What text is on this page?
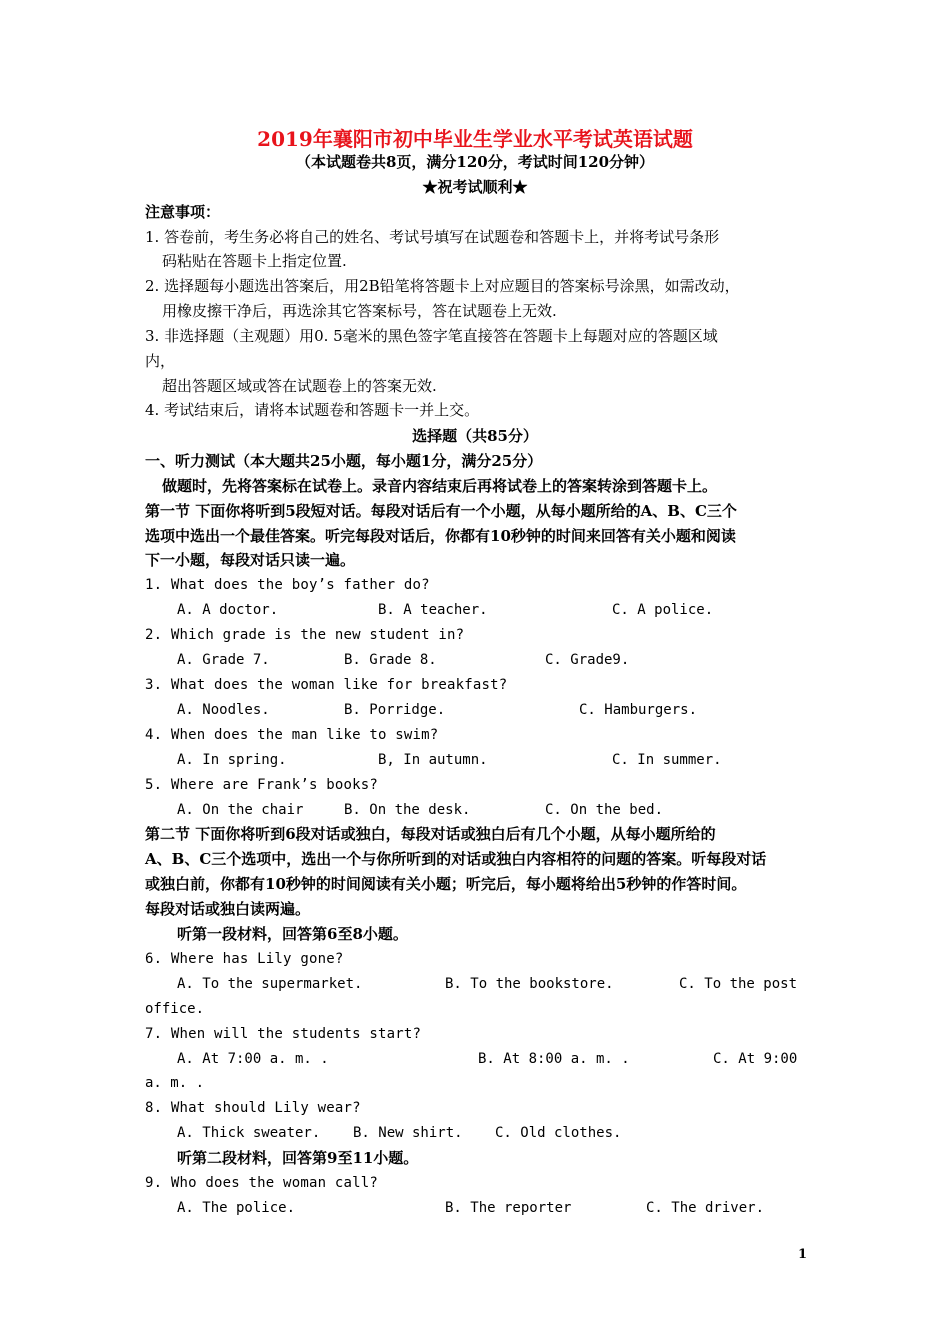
2019年襄阳市初中毕业生学业水平考试英语试题
（本试题卷共8页，满分120分，考试时间120分钟）
★祝考试顺利★
注意事项：
1. 答卷前，考生务必将自己的姓名、考试号填写在试题卷和答题卡上，并将考试号条形
码粘贴在答题卡上指定位置.
2. 选择题每小题选出答案后，用2B铅笔将答题卡上对应题目的答案标号涂黑，如需改动，
用橡皮擦干净后，再选涂其它答案标号，答在试题卷上无效.
3. 非选择题（主观题）用0. 5毫米的黑色签字笔直接答在答题卡上每题对应的答题区域
内，
超出答题区域或答在试题卷上的答案无效.
4. 考试结束后，请将本试题卷和答题卡一并上交。
选择题（共85分）
一、听力测试（本大题共25小题，每小题1分，满分25分）
做题时，先将答案标在试卷上。录音内容结束后再将试卷上的答案转涂到答题卡上。
第一节 下面你将听到5段短对话。每段对话后有一个小题，从每小题所给的A、B、C三个
选项中选出一个最佳答案。听完每段对话后，你都有10秒钟的时间来回答有关小题和阅读
下一小题，每段对话只读一遍。
1. What does the boy’s father do?
A. A doctor.	B. A teacher.	C. A police.
2. Which grade is the new student in?
A. Grade 7.	B. Grade 8.	C. Grade9.
3. What does the woman like for breakfast?
A. Noodles.	B. Porridge.	C. Hamburgers.
4. When does the man like to swim?
A. In spring.	B, In autumn.	C. In summer.
5. Where are Frank’s books?
A. On the chair	B. On the desk.	C. On the bed.
第二节 下面你将听到6段对话或独白，每段对话或独白后有几个小题，从每小题所给的
A、B、C三个选项中，选出一个与你所听到的对话或独白内容相符的问题的答案。听每段对话
或独白前，你都有10秒钟的时间阅读有关小题；听完后，每小题将给出5秒钟的作答时间。
每段对话或独白读两遍。
听第一段材料，回答第6至8小题。
6. Where has Lily gone?
A. To the supermarket.	B. To the bookstore.	C. To the post
office.
7. When will the students start?
A. At 7:00 a. m. .	B. At 8:00 a. m. .	C. At 9:00
a. m. .
8. What should Lily wear?
A. Thick sweater. B. New shirt. C. Old clothes.
听第二段材料，回答第9至11小题。
9. Who does the woman call?
A. The police.	B. The reporter	C. The driver.
1
